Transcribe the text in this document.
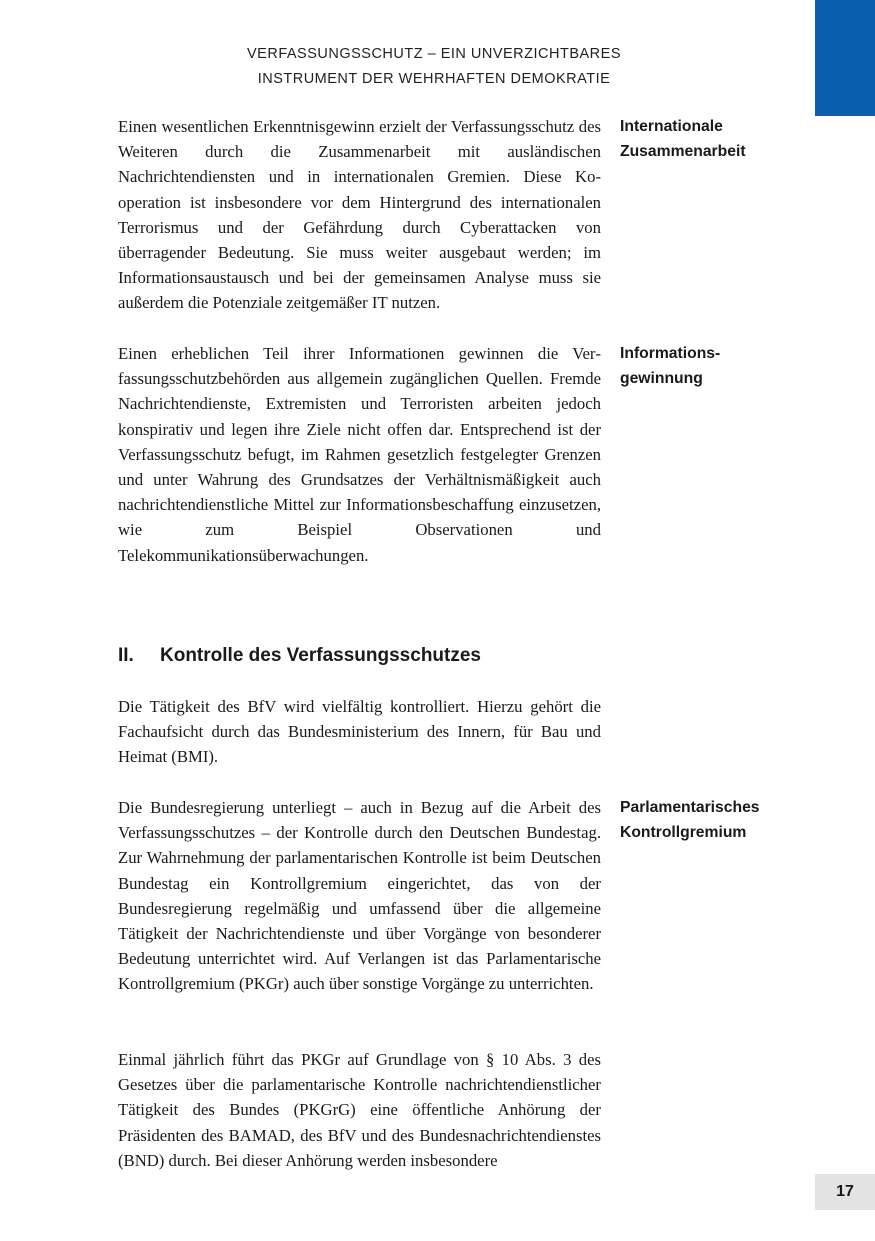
VERFASSUNGSSCHUTZ – EIN UNVERZICHTBARES
INSTRUMENT DER WEHRHAFTEN DEMOKRATIE

Einen wesentlichen Erkenntnisgewinn erzielt der Verfassungsschutz des Weiteren durch die Zusammenarbeit mit ausländischen Nachrichtendiensten und in internationalen Gremien. Diese Kooperation ist insbesondere vor dem Hintergrund des internationalen Terrorismus und der Gefährdung durch Cyberattacken von überragender Bedeutung. Sie muss weiter ausgebaut werden; im Informationsaustausch und bei der gemeinsamen Analyse muss sie außerdem die Potenziale zeitgemäßer IT nutzen.

Internationale
Zusammenarbeit

Einen erheblichen Teil ihrer Informationen gewinnen die Verfassungsschutzbehörden aus allgemein zugänglichen Quellen. Fremde Nachrichtendienste, Extremisten und Terroristen arbeiten jedoch konspirativ und legen ihre Ziele nicht offen dar. Entsprechend ist der Verfassungsschutz befugt, im Rahmen gesetzlich festgelegter Grenzen und unter Wahrung des Grundsatzes der Verhältnismäßigkeit auch nachrichtendienstliche Mittel zur Informationsbeschaffung einzusetzen, wie zum Beispiel Observationen und Telekommunikationsüberwachungen.

Informations-
gewinnung
II. Kontrolle des Verfassungsschutzes

Die Tätigkeit des BfV wird vielfältig kontrolliert. Hierzu gehört die Fachaufsicht durch das Bundesministerium des Innern, für Bau und Heimat (BMI).

Die Bundesregierung unterliegt – auch in Bezug auf die Arbeit des Verfassungsschutzes – der Kontrolle durch den Deutschen Bundestag. Zur Wahrnehmung der parlamentarischen Kontrolle ist beim Deutschen Bundestag ein Kontrollgremium eingerichtet, das von der Bundesregierung regelmäßig und umfassend über die allgemeine Tätigkeit der Nachrichtendienste und über Vorgänge von besonderer Bedeutung unterrichtet wird. Auf Verlangen ist das Parlamentarische Kontrollgremium (PKGr) auch über sonstige Vorgänge zu unterrichten.

Parlamentarisches
Kontrollgremium

Einmal jährlich führt das PKGr auf Grundlage von § 10 Abs. 3 des Gesetzes über die parlamentarische Kontrolle nachrichtendienstlicher Tätigkeit des Bundes (PKGrG) eine öffentliche Anhörung der Präsidenten des BAMAD, des BfV und des Bundesnachrichtendienstes (BND) durch. Bei dieser Anhörung werden insbesondere

17
